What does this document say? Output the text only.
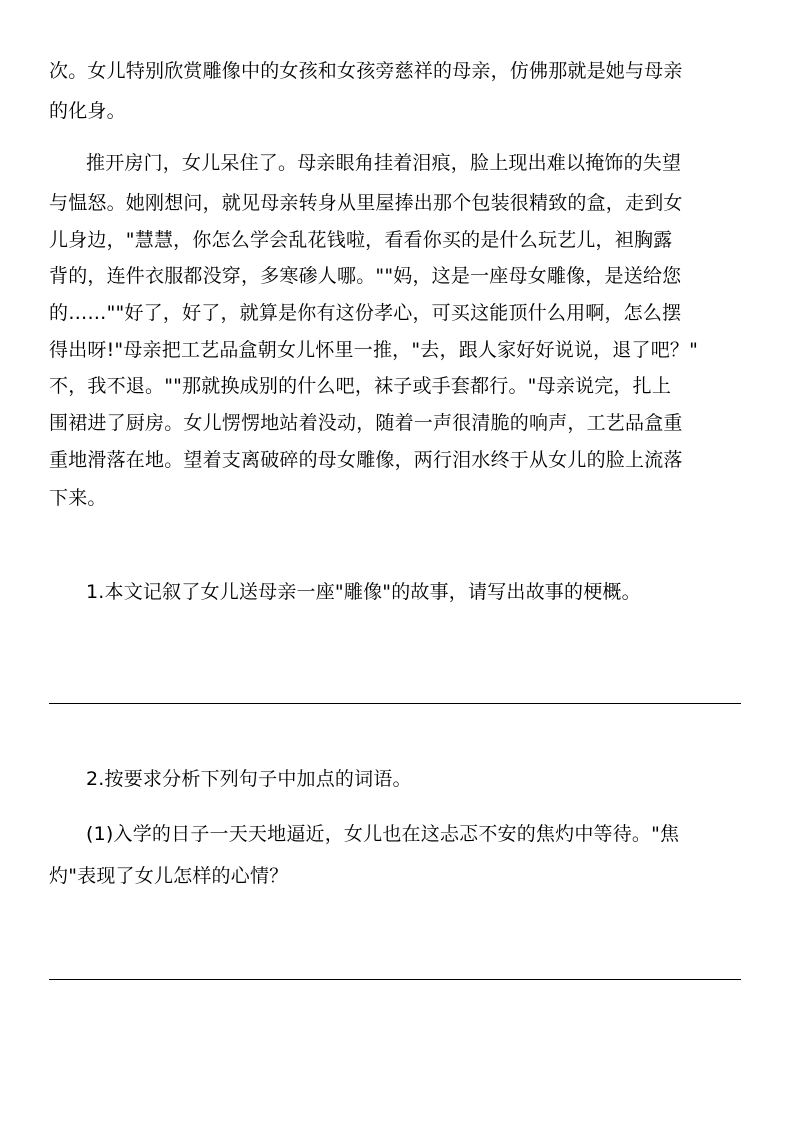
次。女儿特别欣赏雕像中的女孩和女孩旁慈祥的母亲，仿佛那就是她与母亲
的化身。
推开房门，女儿呆住了。母亲眼角挂着泪痕，脸上现出难以掩饰的失望
与愠怒。她刚想问，就见母亲转身从里屋捧出那个包装很精致的盒，走到女
儿身边，"慧慧，你怎么学会乱花钱啦，看看你买的是什么玩艺儿，袒胸露
背的，连件衣服都没穿，多寒碜人哪。""妈，这是一座母女雕像，是送给您
的……""好了，好了，就算是你有这份孝心，可买这能顶什么用啊，怎么摆
得出呀!"母亲把工艺品盒朝女儿怀里一推，"去，跟人家好好说说，退了吧？"
不，我不退。""那就换成别的什么吧，袜子或手套都行。"母亲说完，扎上
围裙进了厨房。女儿愣愣地站着没动，随着一声很清脆的响声，工艺品盒重
重地滑落在地。望着支离破碎的母女雕像，两行泪水终于从女儿的脸上流落
下来。
1.本文记叙了女儿送母亲一座"雕像"的故事，请写出故事的梗概。
2.按要求分析下列句子中加点的词语。
(1)入学的日子一天天地逼近，女儿也在这忐忑不安的焦灼中等待。"焦
灼"表现了女儿怎样的心情？
